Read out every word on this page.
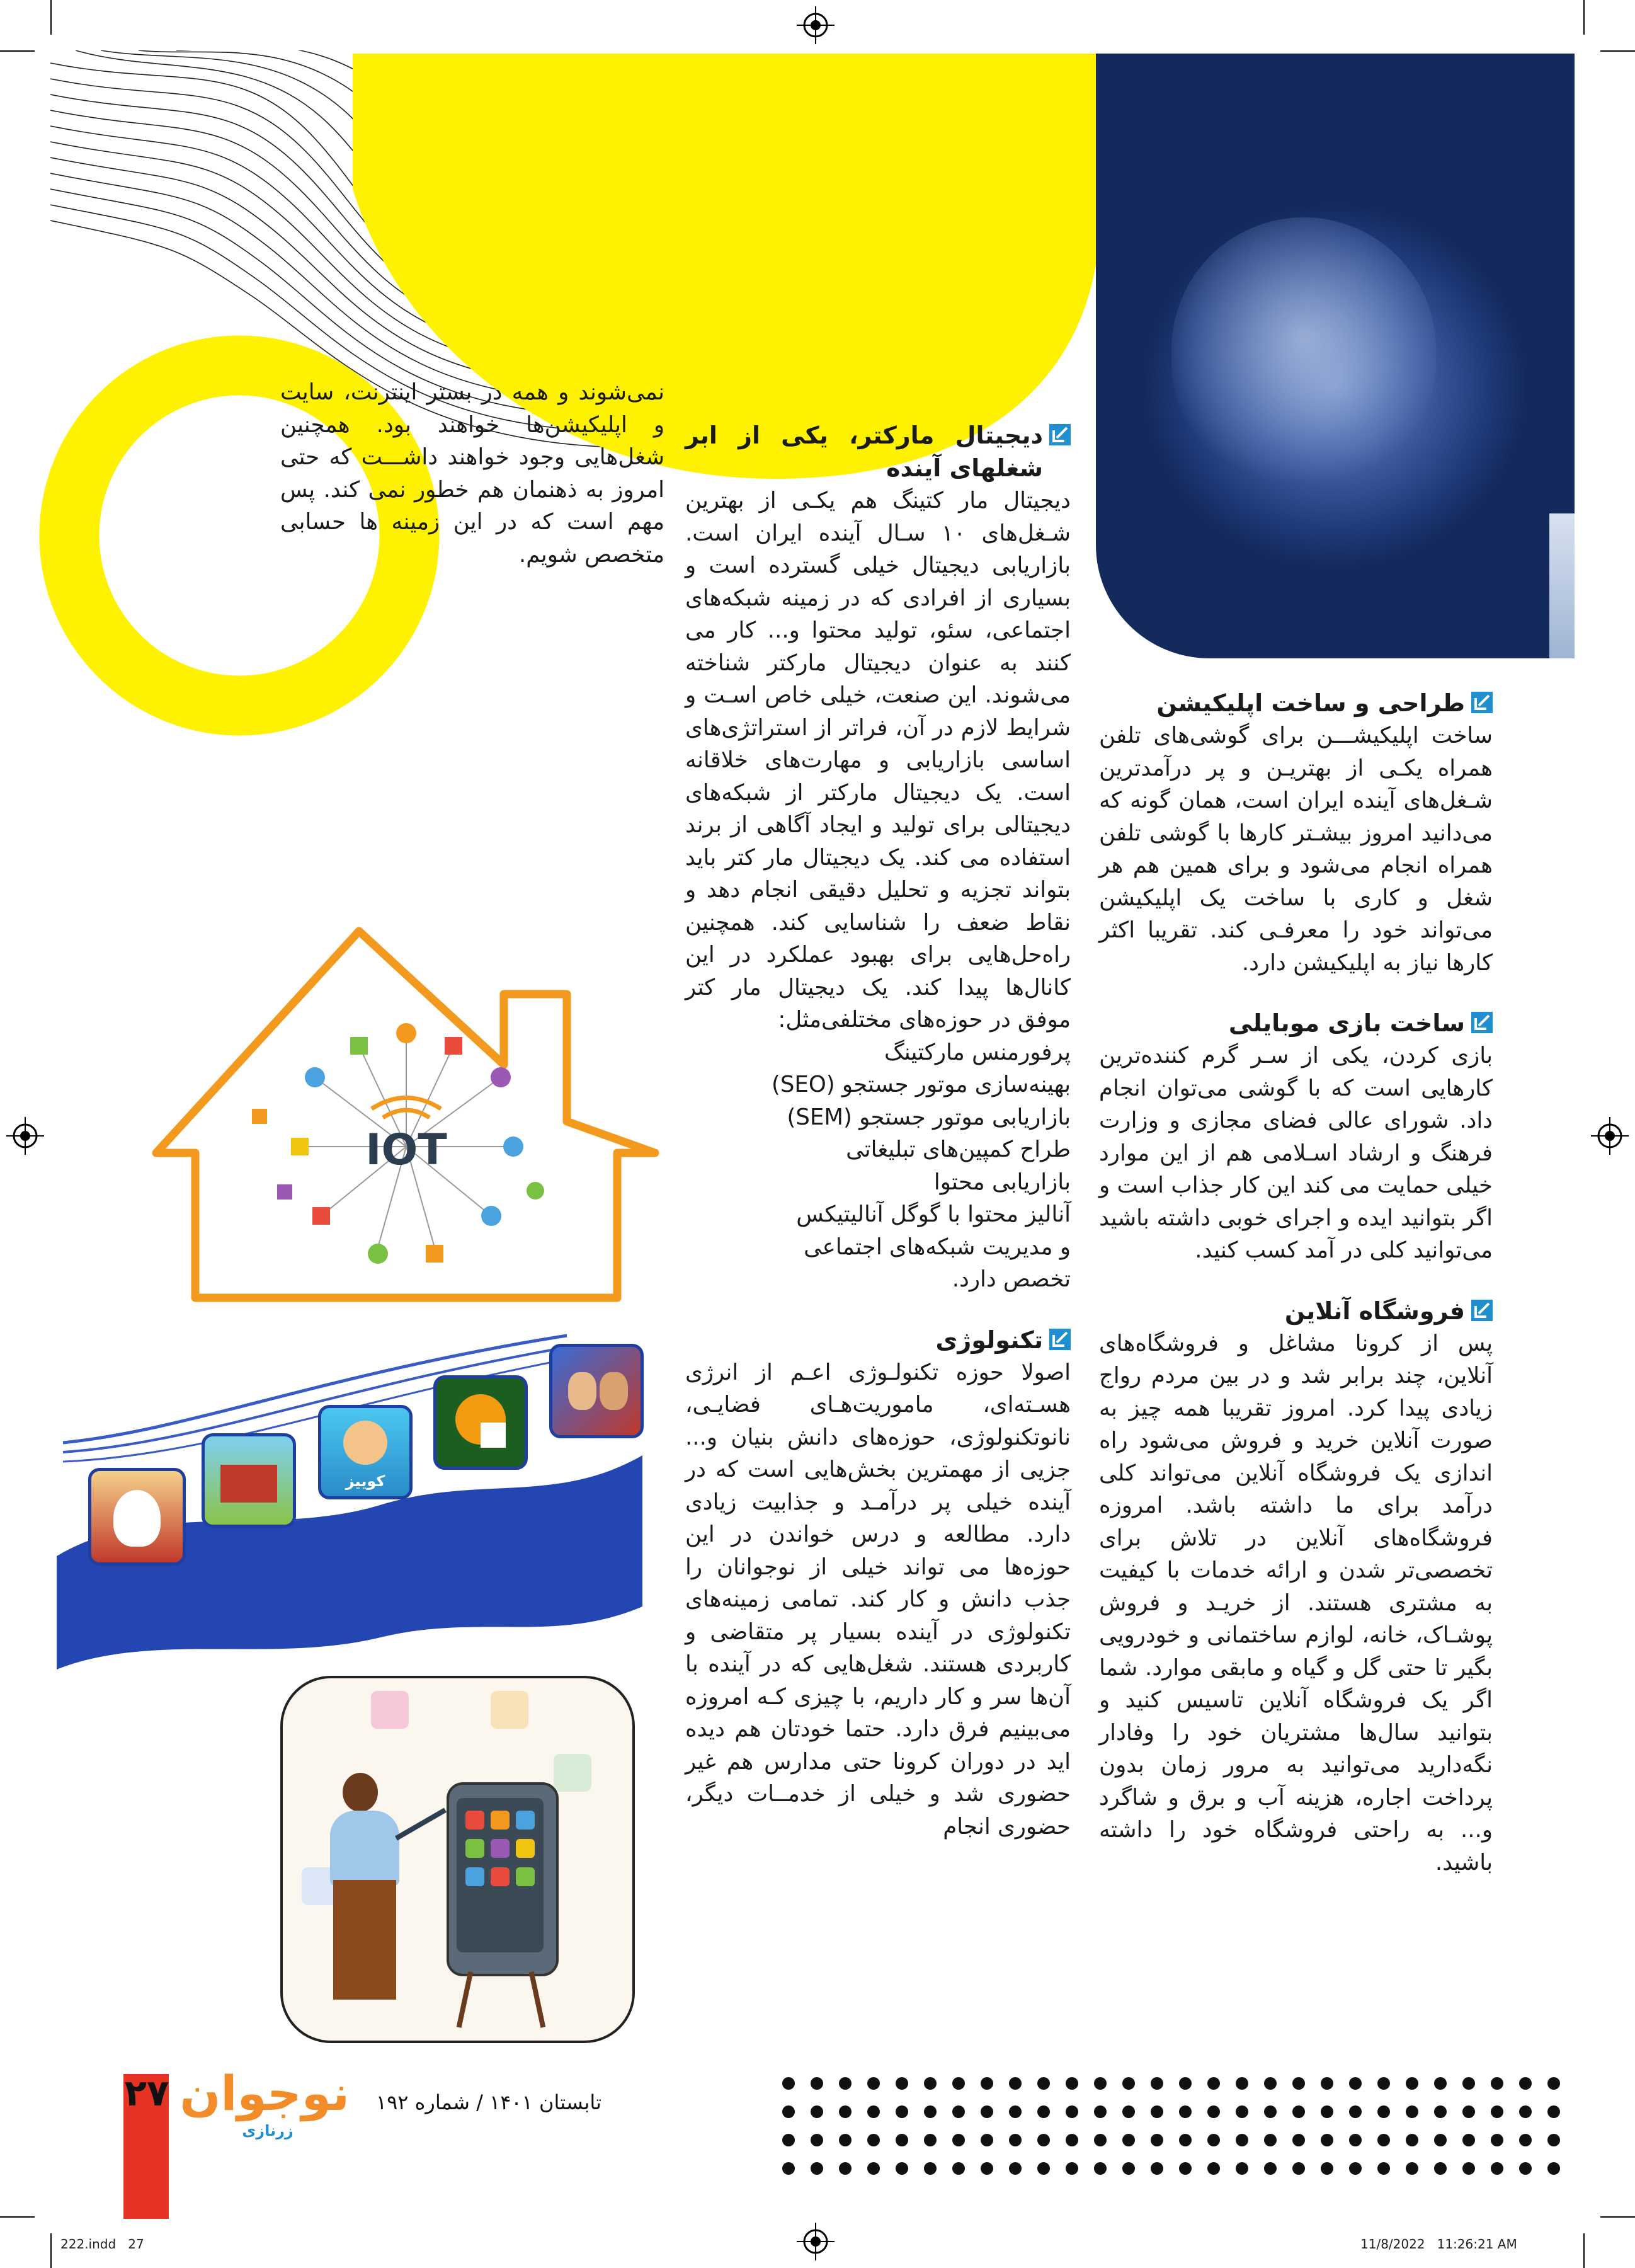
نمی‌شوند و همه در بستر اینترنت، سایت و اپلیکیشن‌ها خواهند بود. همچنین شغل‌هایی وجود خواهند داشـــت که حتی امروز به ذهنمان هم خطور نمی کند. پس مهم است که در این زمینه ها حسابی متخصص شویم.

دیجیتال مارکتر، یکی از ابر شغلهای آینده

دیجیتال مار کتینگ هم یکـی از بهترین شـغل‌های ۱۰ سـال آینده ایران است. بازاریابی دیجیتال خیلی گسترده است و بسیاری از افرادی که در زمینه شبکه‌های اجتماعی، سئو، تولید محتوا و... کار می کنند به عنوان دیجیتال مارکتر شناخته می‌شوند. این صنعت، خیلی خاص اسـت و شرایط لازم در آن، فراتر از استراتژی‌های اساسی بازاریابی و مهارت‌های خلاقانه است. یک دیجیتال مارکتر از شبکه‌های دیجیتالی برای تولید و ایجاد آگاهی از برند استفاده می کند. یک دیجیتال مار کتر باید بتواند تجزیه و تحلیل دقیقی انجام دهد و نقاط ضعف را شناسایی کند. همچنین راه‌حل‌هایی برای بهبود عملکرد در این کانال‌ها پیدا کند. یک دیجیتال مار کتر موفق در حوزه‌های مختلفی‌مثل:

پرفورمنس مارکتینگ
بهینه‌سازی موتور جستجو (SEO)
بازاریابی موتور جستجو (SEM)
طراح کمپین‌های تبلیغاتی
بازاریابی محتوا
آنالیز محتوا با گوگل آنالیتیکس
و مدیریت شبکه‌های اجتماعی
تخصص دارد.
تکنولوژی

اصولا حوزه تکنولـوژی اعـم از انرژی هسـته‌ای، ماموریت‌هـای فضایـی، نانوتکنولوژی، حوزه‌های دانش بنیان و... جزیی از مهمترین بخش‌هایی است که در آینده خیلی پر درآمـد و جذابیت زیادی دارد. مطالعه و درس خواندن در این حوزه‌ها می تواند خیلی از نوجوانان را جذب دانش و کار کند. تمامی زمینه‌های تکنولوژی در آینده بسیار پر متقاضی و کاربردی هستند. شغل‌هایی که در آینده با آن‌ها سر و کار داریم، با چیزی کـه امروزه می‌بینیم فرق دارد. حتما خودتان هم دیده اید در دوران کرونا حتی مدارس هم غیر حضوری شد و خیلی از خدمــات دیگر، حضوری انجام

طراحی و ساخت اپلیکیشن

ساخت اپلیکیشـــن برای گوشی‌های تلفن همراه یکـی از بهتریـن و پر درآمدترین شـغل‌های آینده ایران است، همان گونه که می‌دانید امروز بیشـتر کارها با گوشی تلفن همراه انجام می‌شود و برای همین هم هر شغل و کاری با ساخت یک اپلیکیشن می‌تواند خود را معرفـی کند. تقریبا اکثر کارها نیاز به اپلیکیشن دارد.

ساخت بازی موبایلی

بازی کردن، یکی از سـر گرم کننده‌ترین کارهایی است که با گوشی می‌توان انجام داد. شورای عالی فضای مجازی و وزارت فرهنگ و ارشاد اسـلامی هم از این موارد خیلی حمایت می کند این کار جذاب است و اگر بتوانید ایده و اجرای خوبی داشته باشید می‌توانید کلی در آمد کسب کنید.

فروشگاه آنلاین

پس از کرونا مشاغل و فروشگاه‌های آنلاین، چند برابر شد و در بین مردم رواج زیادی پیدا کرد. امروز تقریبا همه چیز به صورت آنلاین خرید و فروش می‌شود راه اندازی یک فروشگاه آنلاین می‌تواند کلی درآمد برای ما داشته باشد. امروزه فروشگاه‌های آنلاین در تلاش برای تخصصی‌تر شدن و ارائه خدمات با کیفیت به مشتری هستند. از خریـد و فروش پوشـاک، خانه، لوازم ساختمانی و خودرویی بگیر تا حتی گل و گیاه و مابقی موارد. شما اگر یک فروشگاه آنلاین تاسیس کنید و بتوانید سال‌ها مشتریان خود را وفادار نگه‌دارید می‌توانید به مرور زمان بدون پرداخت اجاره، هزینه آب و برق و شاگرد و... به راحتی فروشگاه خود را داشته باشید.

IOT
کوییز
۲۷ نوجوان
زرنازی
تابستان ۱۴۰۱ / شماره ۱۹۲
222.indd   27	11/8/2022   11:26:21 AM
